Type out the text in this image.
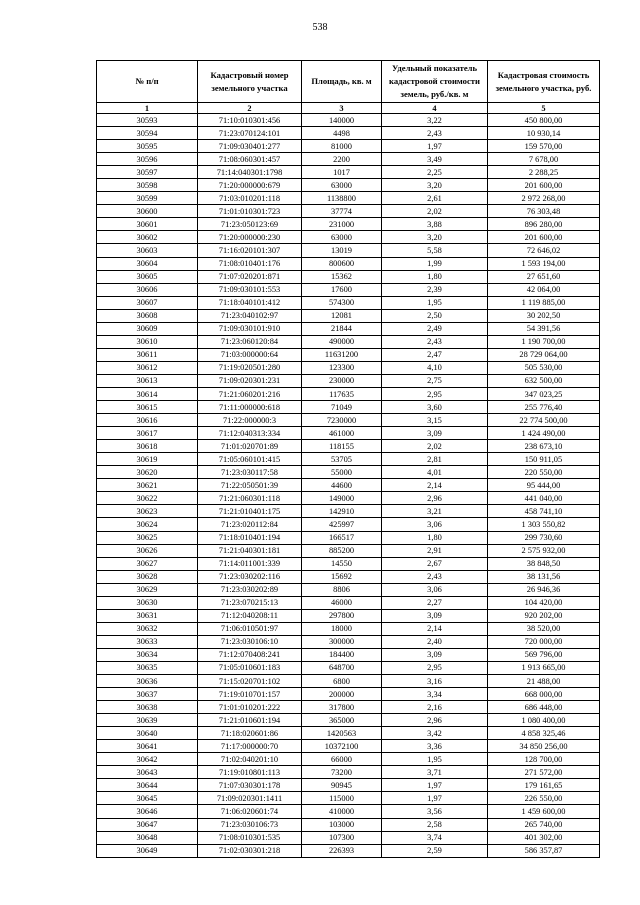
538
№ п/п	Кадастровый номер земельного участка	Площадь, кв. м	Удельный показатель кадастровой стоимости земель, руб./кв. м	Кадастровая стоимость земельного участка, руб.
1	2	3	4	5
30593	71:10:010301:456	140000	3,22	450 800,00
30594	71:23:070124:101	4498	2,43	10 930,14
30595	71:09:030401:277	81000	1,97	159 570,00
30596	71:08:060301:457	2200	3,49	7 678,00
30597	71:14:040301:1798	1017	2,25	2 288,25
30598	71:20:000000:679	63000	3,20	201 600,00
30599	71:03:010201:118	1138800	2,61	2 972 268,00
30600	71:01:010301:723	37774	2,02	76 303,48
30601	71:23:050123:69	231000	3,88	896 280,00
30602	71:20:000000:230	63000	3,20	201 600,00
30603	71:16:020101:307	13019	5,58	72 646,02
30604	71:08:010401:176	800600	1,99	1 593 194,00
30605	71:07:020201:871	15362	1,80	27 651,60
30606	71:09:030101:553	17600	2,39	42 064,00
30607	71:18:040101:412	574300	1,95	1 119 885,00
30608	71:23:040102:97	12081	2,50	30 202,50
30609	71:09:030101:910	21844	2,49	54 391,56
30610	71:23:060120:84	490000	2,43	1 190 700,00
30611	71:03:000000:64	11631200	2,47	28 729 064,00
30612	71:19:020501:280	123300	4,10	505 530,00
30613	71:09:020301:231	230000	2,75	632 500,00
30614	71:21:060201:216	117635	2,95	347 023,25
30615	71:11:000000:618	71049	3,60	255 776,40
30616	71:22:000000:3	7230000	3,15	22 774 500,00
30617	71:12:040313:334	461000	3,09	1 424 490,00
30618	71:01:020701:89	118155	2,02	238 673,10
30619	71:05:060101:415	53705	2,81	150 911,05
30620	71:23:030117:58	55000	4,01	220 550,00
30621	71:22:050501:39	44600	2,14	95 444,00
30622	71:21:060301:118	149000	2,96	441 040,00
30623	71:21:010401:175	142910	3,21	458 741,10
30624	71:23:020112:84	425997	3,06	1 303 550,82
30625	71:18:010401:194	166517	1,80	299 730,60
30626	71:21:040301:181	885200	2,91	2 575 932,00
30627	71:14:011001:339	14550	2,67	38 848,50
30628	71:23:030202:116	15692	2,43	38 131,56
30629	71:23:030202:89	8806	3,06	26 946,36
30630	71:23:070215:13	46000	2,27	104 420,00
30631	71:12:040208:11	297800	3,09	920 202,00
30632	71:06:010501:97	18000	2,14	38 520,00
30633	71:23:030106:10	300000	2,40	720 000,00
30634	71:12:070408:241	184400	3,09	569 796,00
30635	71:05:010601:183	648700	2,95	1 913 665,00
30636	71:15:020701:102	6800	3,16	21 488,00
30637	71:19:010701:157	200000	3,34	668 000,00
30638	71:01:010201:222	317800	2,16	686 448,00
30639	71:21:010601:194	365000	2,96	1 080 400,00
30640	71:18:020601:86	1420563	3,42	4 858 325,46
30641	71:17:000000:70	10372100	3,36	34 850 256,00
30642	71:02:040201:10	66000	1,95	128 700,00
30643	71:19:010801:113	73200	3,71	271 572,00
30644	71:07:030301:178	90945	1,97	179 161,65
30645	71:09:020301:1411	115000	1,97	226 550,00
30646	71:06:020601:74	410000	3,56	1 459 600,00
30647	71:23:030106:73	103000	2,58	265 740,00
30648	71:08:010301:535	107300	3,74	401 302,00
30649	71:02:030301:218	226393	2,59	586 357,87
